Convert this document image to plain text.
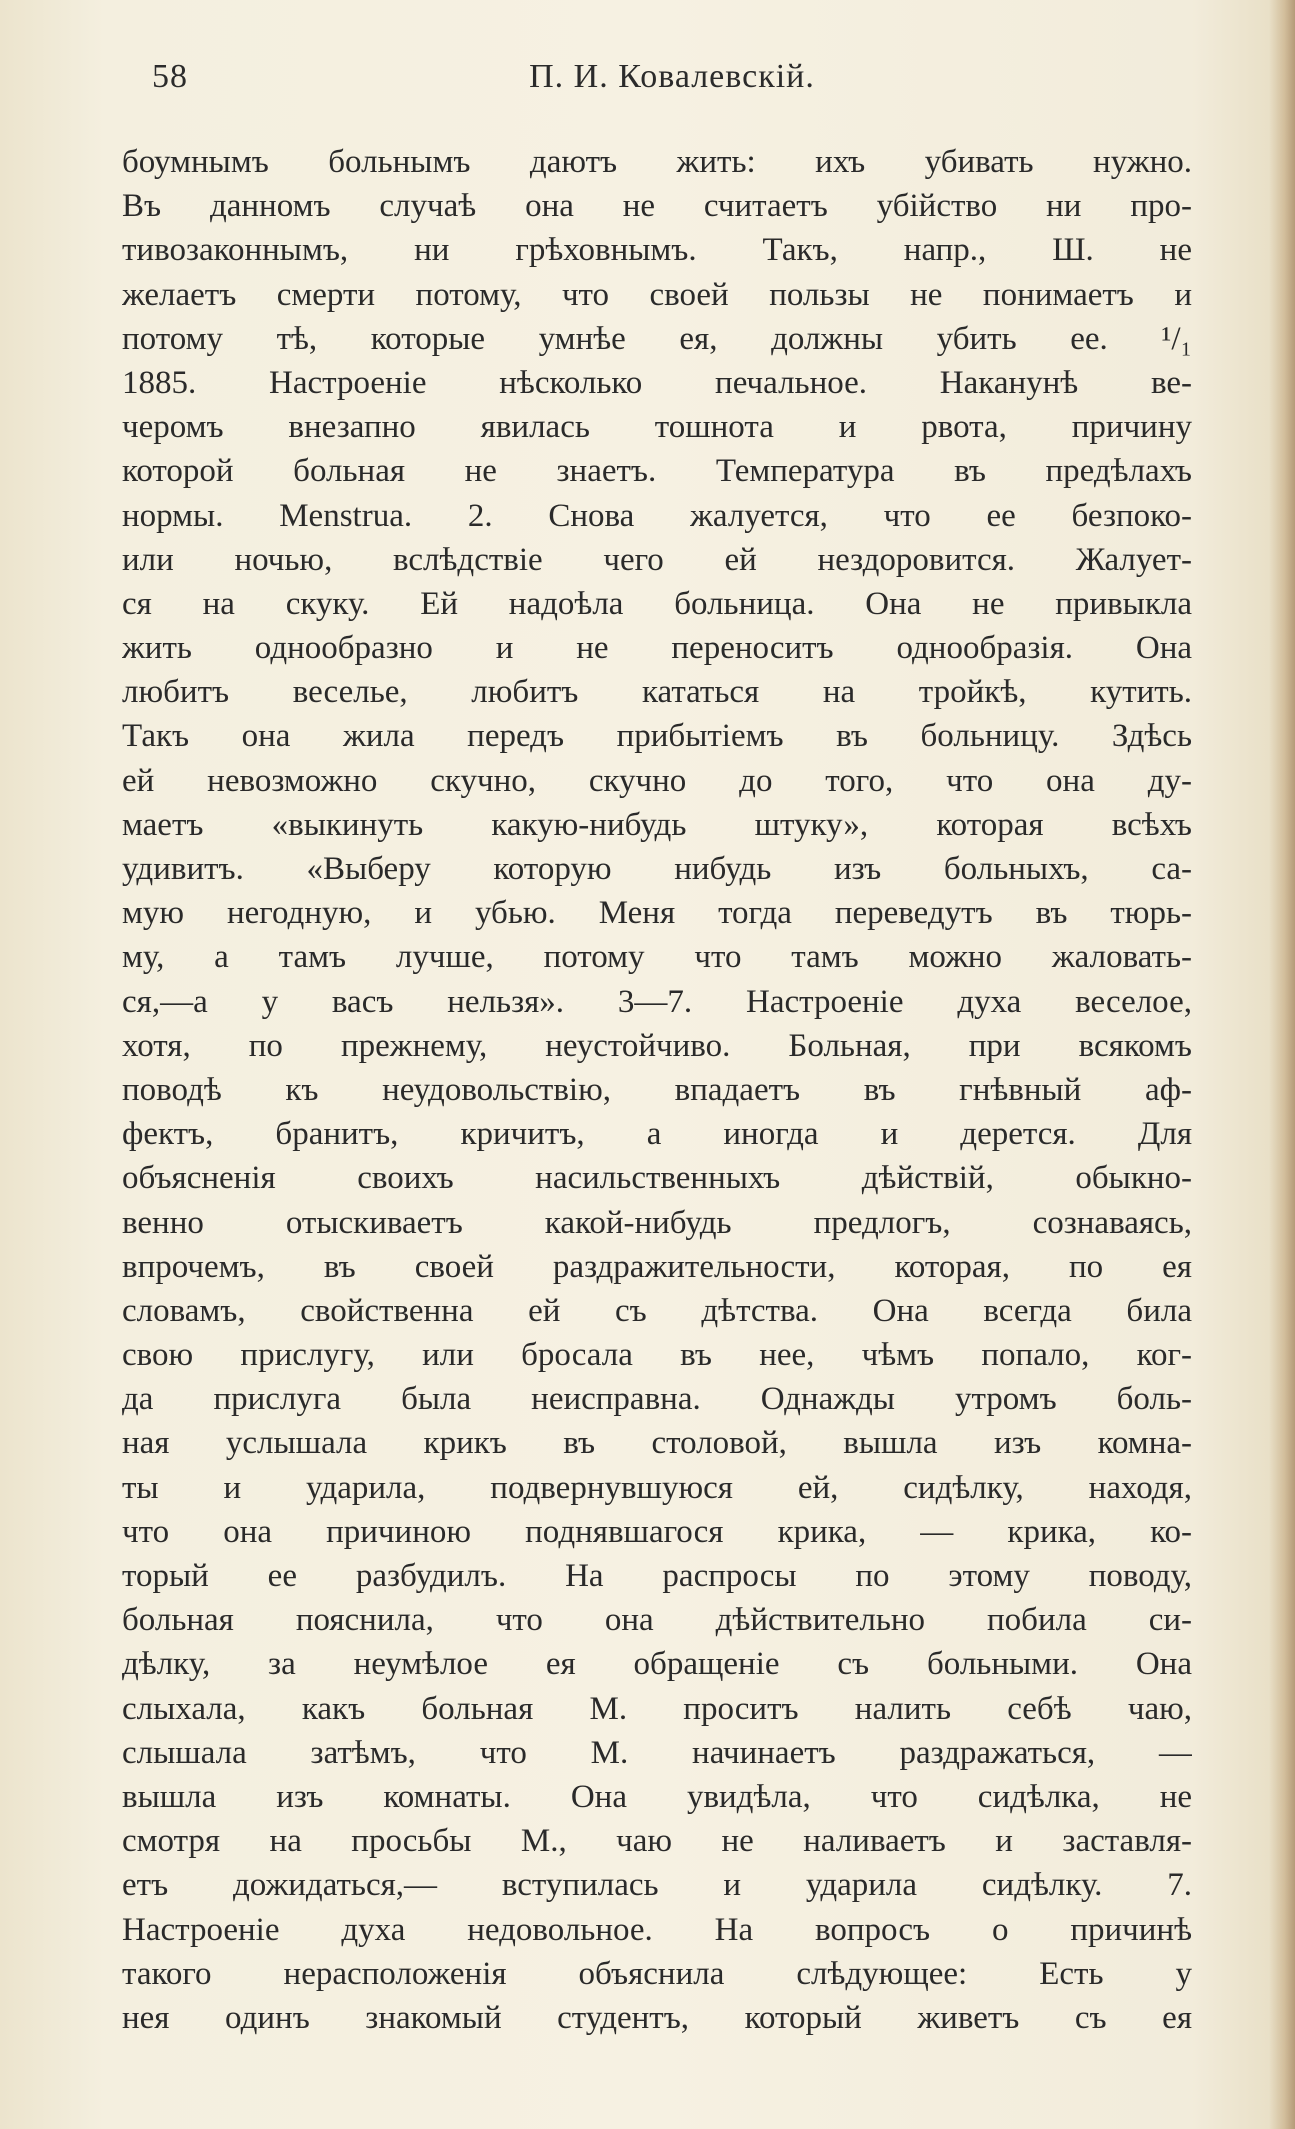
58	П. И. Ковалевскій.
боумнымъ больнымъ даютъ жить: ихъ убивать нужно.
Въ данномъ случаѣ она не считаетъ убійство ни про-
тивозаконнымъ, ни грѣховнымъ. Такъ, напр., Ш. не
желаетъ смерти потому, что своей пользы не понимаетъ и
потому тѣ, которые умнѣе ея, должны убить ее. ¹/₁
1885. Настроеніе нѣсколько печальное. Наканунѣ ве-
черомъ внезапно явилась тошнота и рвота, причину
которой больная не знаетъ. Температура въ предѣлахъ
нормы. Menstrua. 2. Снова жалуется, что ее безпоко-
или ночью, вслѣдствіе чего ей нездоровится. Жалует-
ся на скуку. Ей надоѣла больница. Она не привыкла
жить однообразно и не переноситъ однообразія. Она
любитъ веселье, любитъ кататься на тройкѣ, кутить.
Такъ она жила передъ прибытіемъ въ больницу. Здѣсь
ей невозможно скучно, скучно до того, что она ду-
маетъ «выкинуть какую-нибудь штуку», которая всѣхъ
удивитъ. «Выберу которую нибудь изъ больныхъ, са-
мую негодную, и убью. Меня тогда переведутъ въ тюрь-
му, а тамъ лучше, потому что тамъ можно жаловать-
ся,—а у васъ нельзя». 3—7. Настроеніе духа веселое,
хотя, по прежнему, неустойчиво. Больная, при всякомъ
поводѣ къ неудовольствію, впадаетъ въ гнѣвный аф-
фектъ, бранитъ, кричитъ, а иногда и дерется. Для
объясненія своихъ насильственныхъ дѣйствій, обыкно-
венно отыскиваетъ какой-нибудь предлогъ, сознаваясь,
впрочемъ, въ своей раздражительности, которая, по ея
словамъ, свойственна ей съ дѣтства. Она всегда била
свою прислугу, или бросала въ нее, чѣмъ попало, ког-
да прислуга была неисправна. Однажды утромъ боль-
ная услышала крикъ въ столовой, вышла изъ комна-
ты и ударила, подвернувшуюся ей, сидѣлку, находя,
что она причиною поднявшагося крика, — крика, ко-
торый ее разбудилъ. На распросы по этому поводу,
больная пояснила, что она дѣйствительно побила си-
дѣлку, за неумѣлое ея обращеніе съ больными. Она
слыхала, какъ больная М. проситъ налить себѣ чаю,
слышала затѣмъ, что М. начинаетъ раздражаться, —
вышла изъ комнаты. Она увидѣла, что сидѣлка, не
смотря на просьбы М., чаю не наливаетъ и заставля-
етъ дожидаться,— вступилась и ударила сидѣлку. 7.
Настроеніе духа недовольное. На вопросъ о причинѣ
такого нерасположенія объяснила слѣдующее: Есть у
нея одинъ знакомый студентъ, который живетъ съ ея
